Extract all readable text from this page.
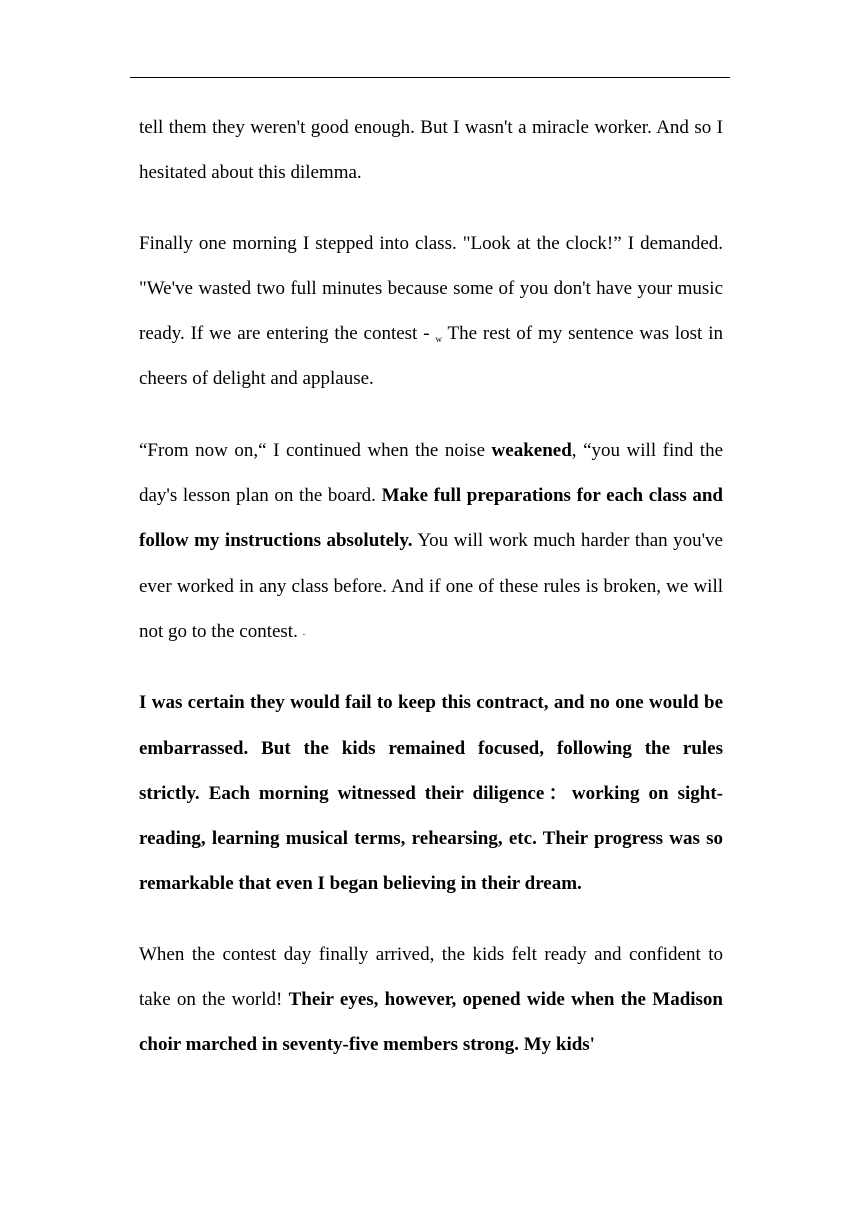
tell them they weren't good enough. But I wasn't a miracle worker. And so I hesitated about this dilemma.

Finally one morning I stepped into class. "Look at the clock!” I demanded. "We've wasted two full minutes because some of you don't have your music ready. If we are entering the contest - $^w$ The rest of my sentence was lost in cheers of delight and applause.

“From now on,“ I continued when the noise weakened, “you will find the day's lesson plan on the board. Make full preparations for each class and follow my instructions absolutely. You will work much harder than you've ever worked in any class before. And if one of these rules is broken, we will not go to the contest. ¨

I was certain they would fail to keep this contract, and no one would be embarrassed. But the kids remained focused, following the rules strictly. Each morning witnessed their diligence：working on sight-reading, learning musical terms, rehearsing, etc. Their progress was so remarkable that even I began believing in their dream.

When the contest day finally arrived, the kids felt ready and confident to take on the world! Their eyes, however, opened wide when the Madison choir marched in seventy-five members strong. My kids'
